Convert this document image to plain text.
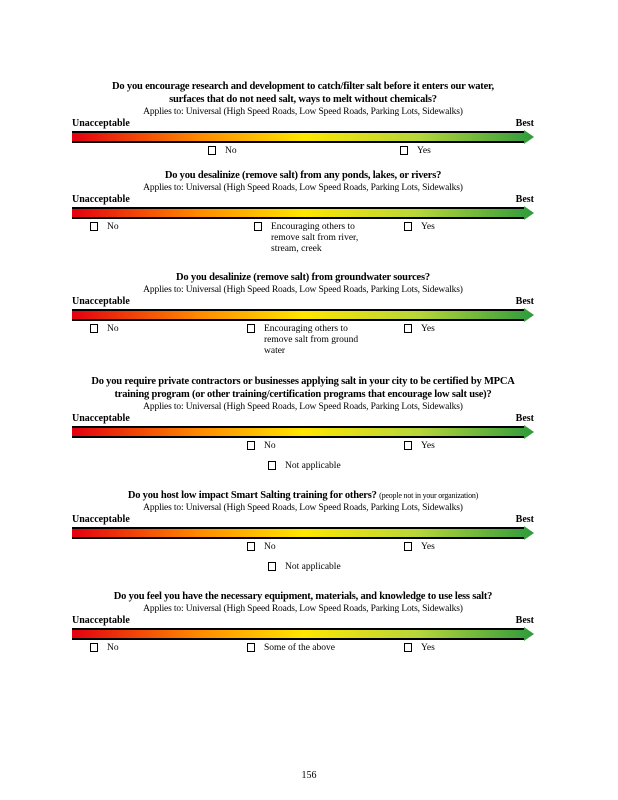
Do you encourage research and development to catch/filter salt before it enters our water,
surfaces that do not need salt, ways to melt without chemicals?
Applies to: Universal (High Speed Roads, Low Speed Roads, Parking Lots, Sidewalks)
Unacceptable	Best
No	Yes
Do you desalinize (remove salt) from any ponds, lakes, or rivers?
Applies to: Universal (High Speed Roads, Low Speed Roads, Parking Lots, Sidewalks)
Unacceptable	Best
No	Encouraging others to remove salt from river, stream, creek
Yes
Do you desalinize (remove salt) from groundwater sources?
Applies to: Universal (High Speed Roads, Low Speed Roads, Parking Lots, Sidewalks)
Unacceptable	Best
No	Encouraging others to remove salt from ground water
Yes
Do you require private contractors or businesses applying salt in your city to be certified by MPCA
training program (or other training/certification programs that encourage low salt use)?
Applies to: Universal (High Speed Roads, Low Speed Roads, Parking Lots, Sidewalks)
Unacceptable	Best
No	Yes
Not applicable
Do you host low impact Smart Salting training for others? (people not in your organization)
Applies to: Universal (High Speed Roads, Low Speed Roads, Parking Lots, Sidewalks)
Unacceptable	Best
No	Yes
Not applicable
Do you feel you have the necessary equipment, materials, and knowledge to use less salt?
Applies to: Universal (High Speed Roads, Low Speed Roads, Parking Lots, Sidewalks)
Unacceptable	Best
No	Some of the above	Yes
156
